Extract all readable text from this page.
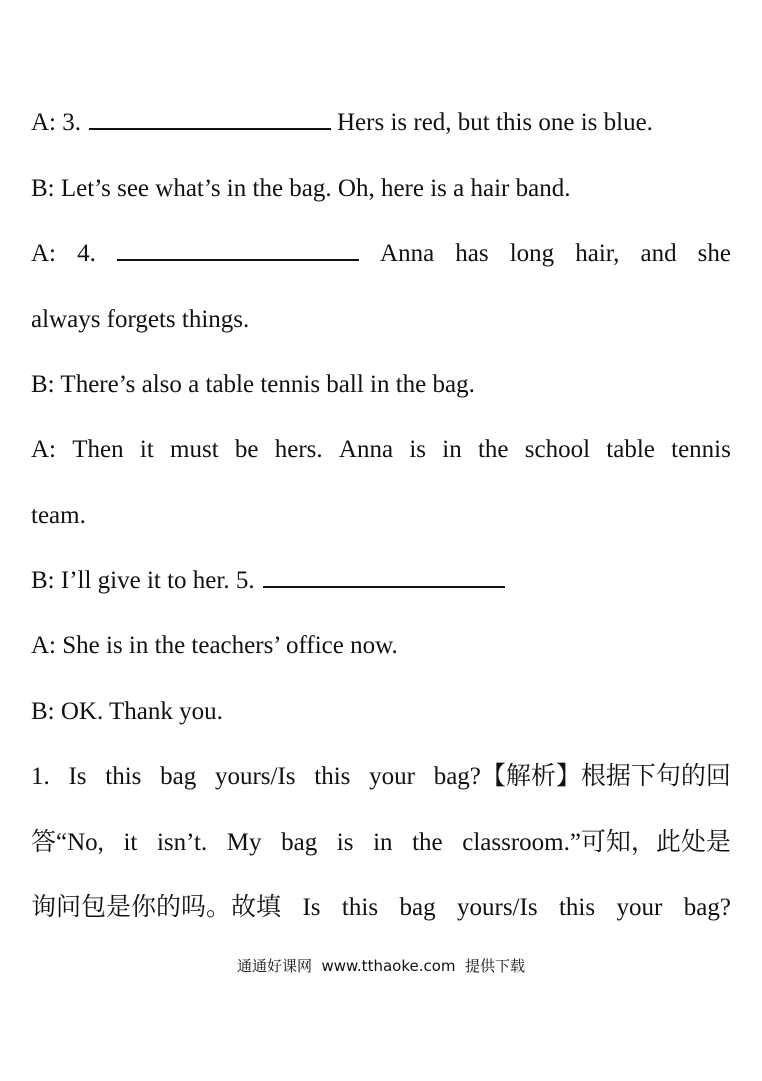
A: 3.	Hers is red, but this one is blue.
B: Let’s see what’s in the bag. Oh, here is a hair band.
A: 4.	Anna has long hair, and she
always forgets things.
B: There’s also a table tennis ball in the bag.
A: Then it must be hers. Anna is in the school table tennis
team.
B: I’ll give it to her. 5.
A: She is in the teachers’ office now.
B: OK. Thank you.
1. Is this bag yours/Is this your bag?【解析】根据下句的回
答“No, it isn’t. My bag is in the classroom.”可知，此处是
询问包是你的吗。故填 Is this bag yours/Is this your bag?
通通好课网  www.tthaoke.com  提供下载
